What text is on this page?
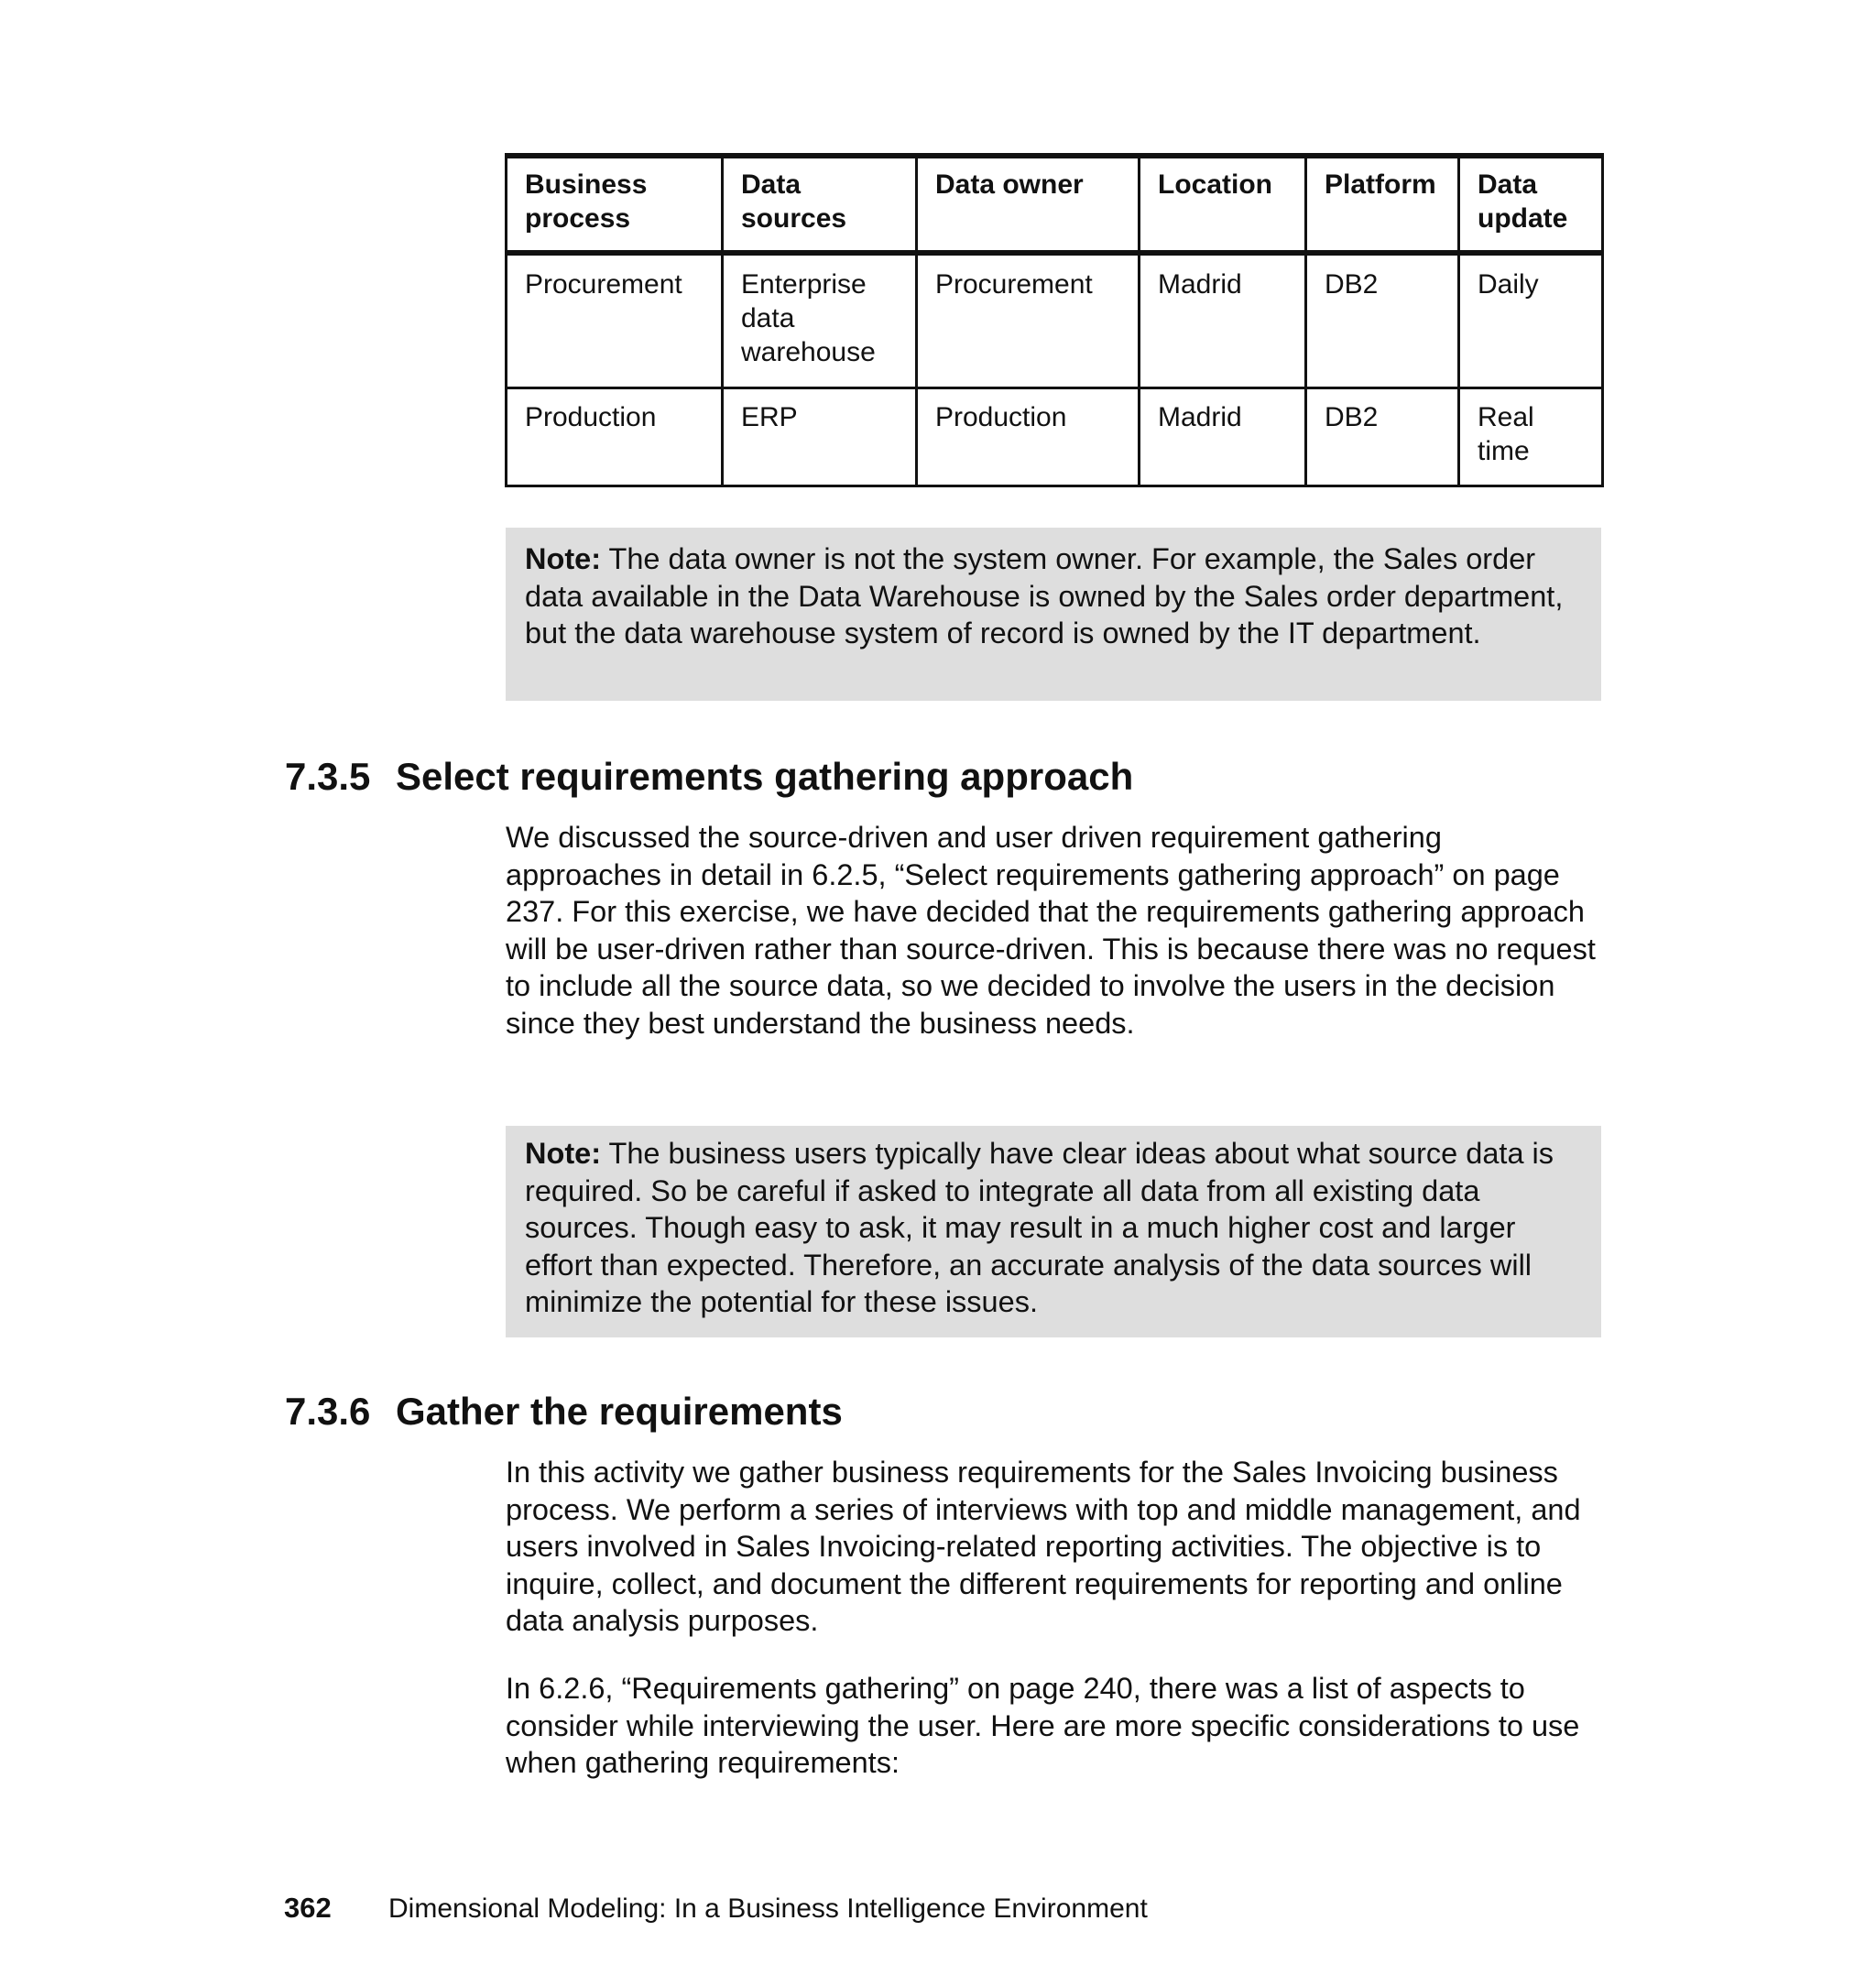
Business process	Data sources	Data owner	Location	Platform	Data update
Procurement	Enterprise data warehouse	Procurement	Madrid	DB2	Daily
Production	ERP	Production	Madrid	DB2	Real time
Note: The data owner is not the system owner. For example, the Sales order data available in the Data Warehouse is owned by the Sales order department, but the data warehouse system of record is owned by the IT department.
7.3.5 Select requirements gathering approach

We discussed the source-driven and user driven requirement gathering approaches in detail in 6.2.5, “Select requirements gathering approach” on page 237. For this exercise, we have decided that the requirements gathering approach will be user-driven rather than source-driven. This is because there was no request to include all the source data, so we decided to involve the users in the decision since they best understand the business needs.

Note: The business users typically have clear ideas about what source data is required. So be careful if asked to integrate all data from all existing data sources. Though easy to ask, it may result in a much higher cost and larger effort than expected. Therefore, an accurate analysis of the data sources will minimize the potential for these issues.
7.3.6 Gather the requirements

In this activity we gather business requirements for the Sales Invoicing business process. We perform a series of interviews with top and middle management, and users involved in Sales Invoicing-related reporting activities. The objective is to inquire, collect, and document the different requirements for reporting and online data analysis purposes.

In 6.2.6, “Requirements gathering” on page 240, there was a list of aspects to consider while interviewing the user. Here are more specific considerations to use when gathering requirements:

362 Dimensional Modeling: In a Business Intelligence Environment
